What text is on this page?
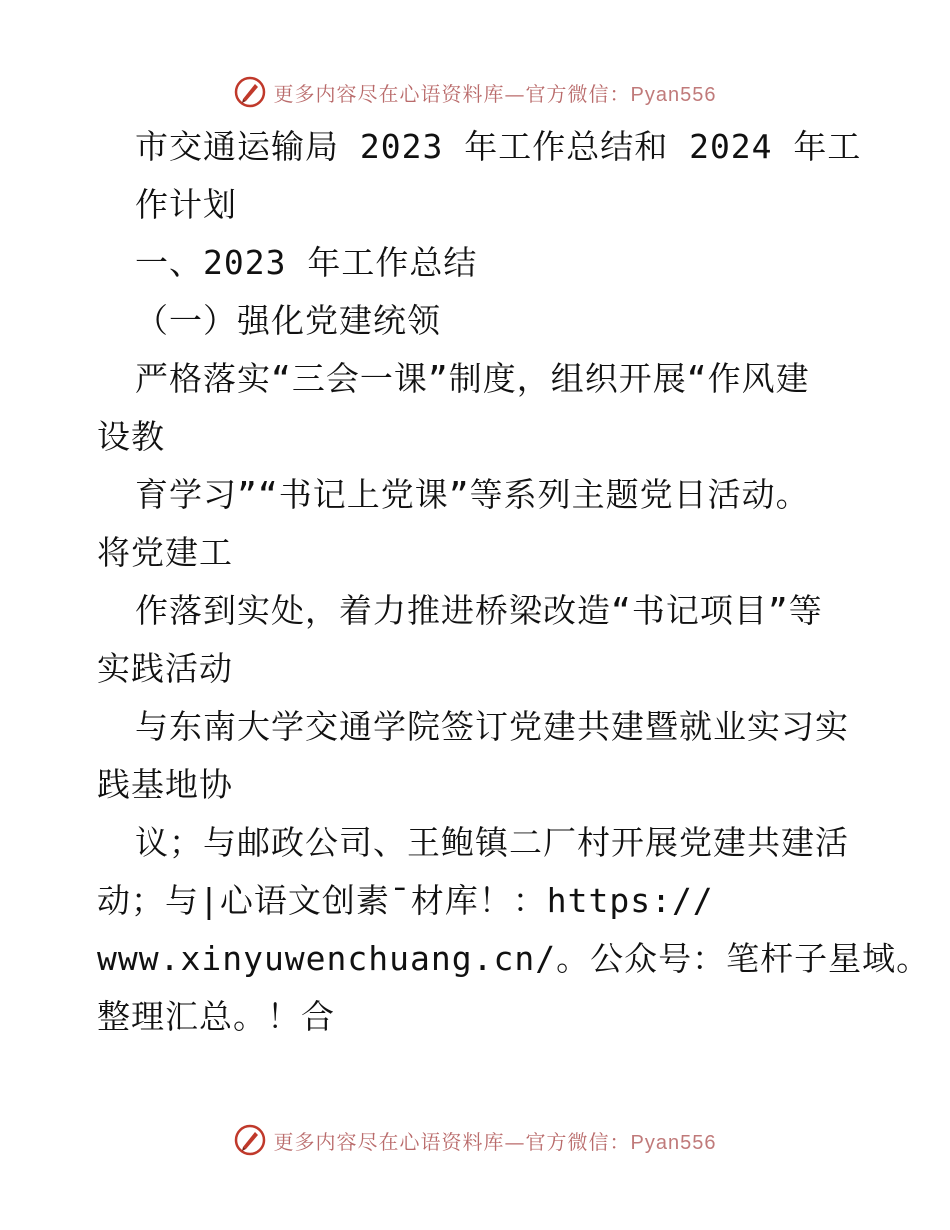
更多内容尽在心语资料库—官方微信：Pyan556
市交通运输局 2023 年工作总结和 2024 年工
作计划
一、2023 年工作总结
（一）强化党建统领
严格落实“三会一课”制度，组织开展“作风建
设教
育学习”“书记上党课”等系列主题党日活动。
将党建工
作落到实处，着力推进桥梁改造“书记项目”等
实践活动
与东南大学交通学院签订党建共建暨就业实习实
践基地协
议；与邮政公司、王鲍镇二厂村开展党建共建活
动；与|心语文创素¯材库！：https://
www.xinyuwenchuang.cn/。公众号：笔杆子星域。
整理汇总。！合
更多内容尽在心语资料库—官方微信：Pyan556
